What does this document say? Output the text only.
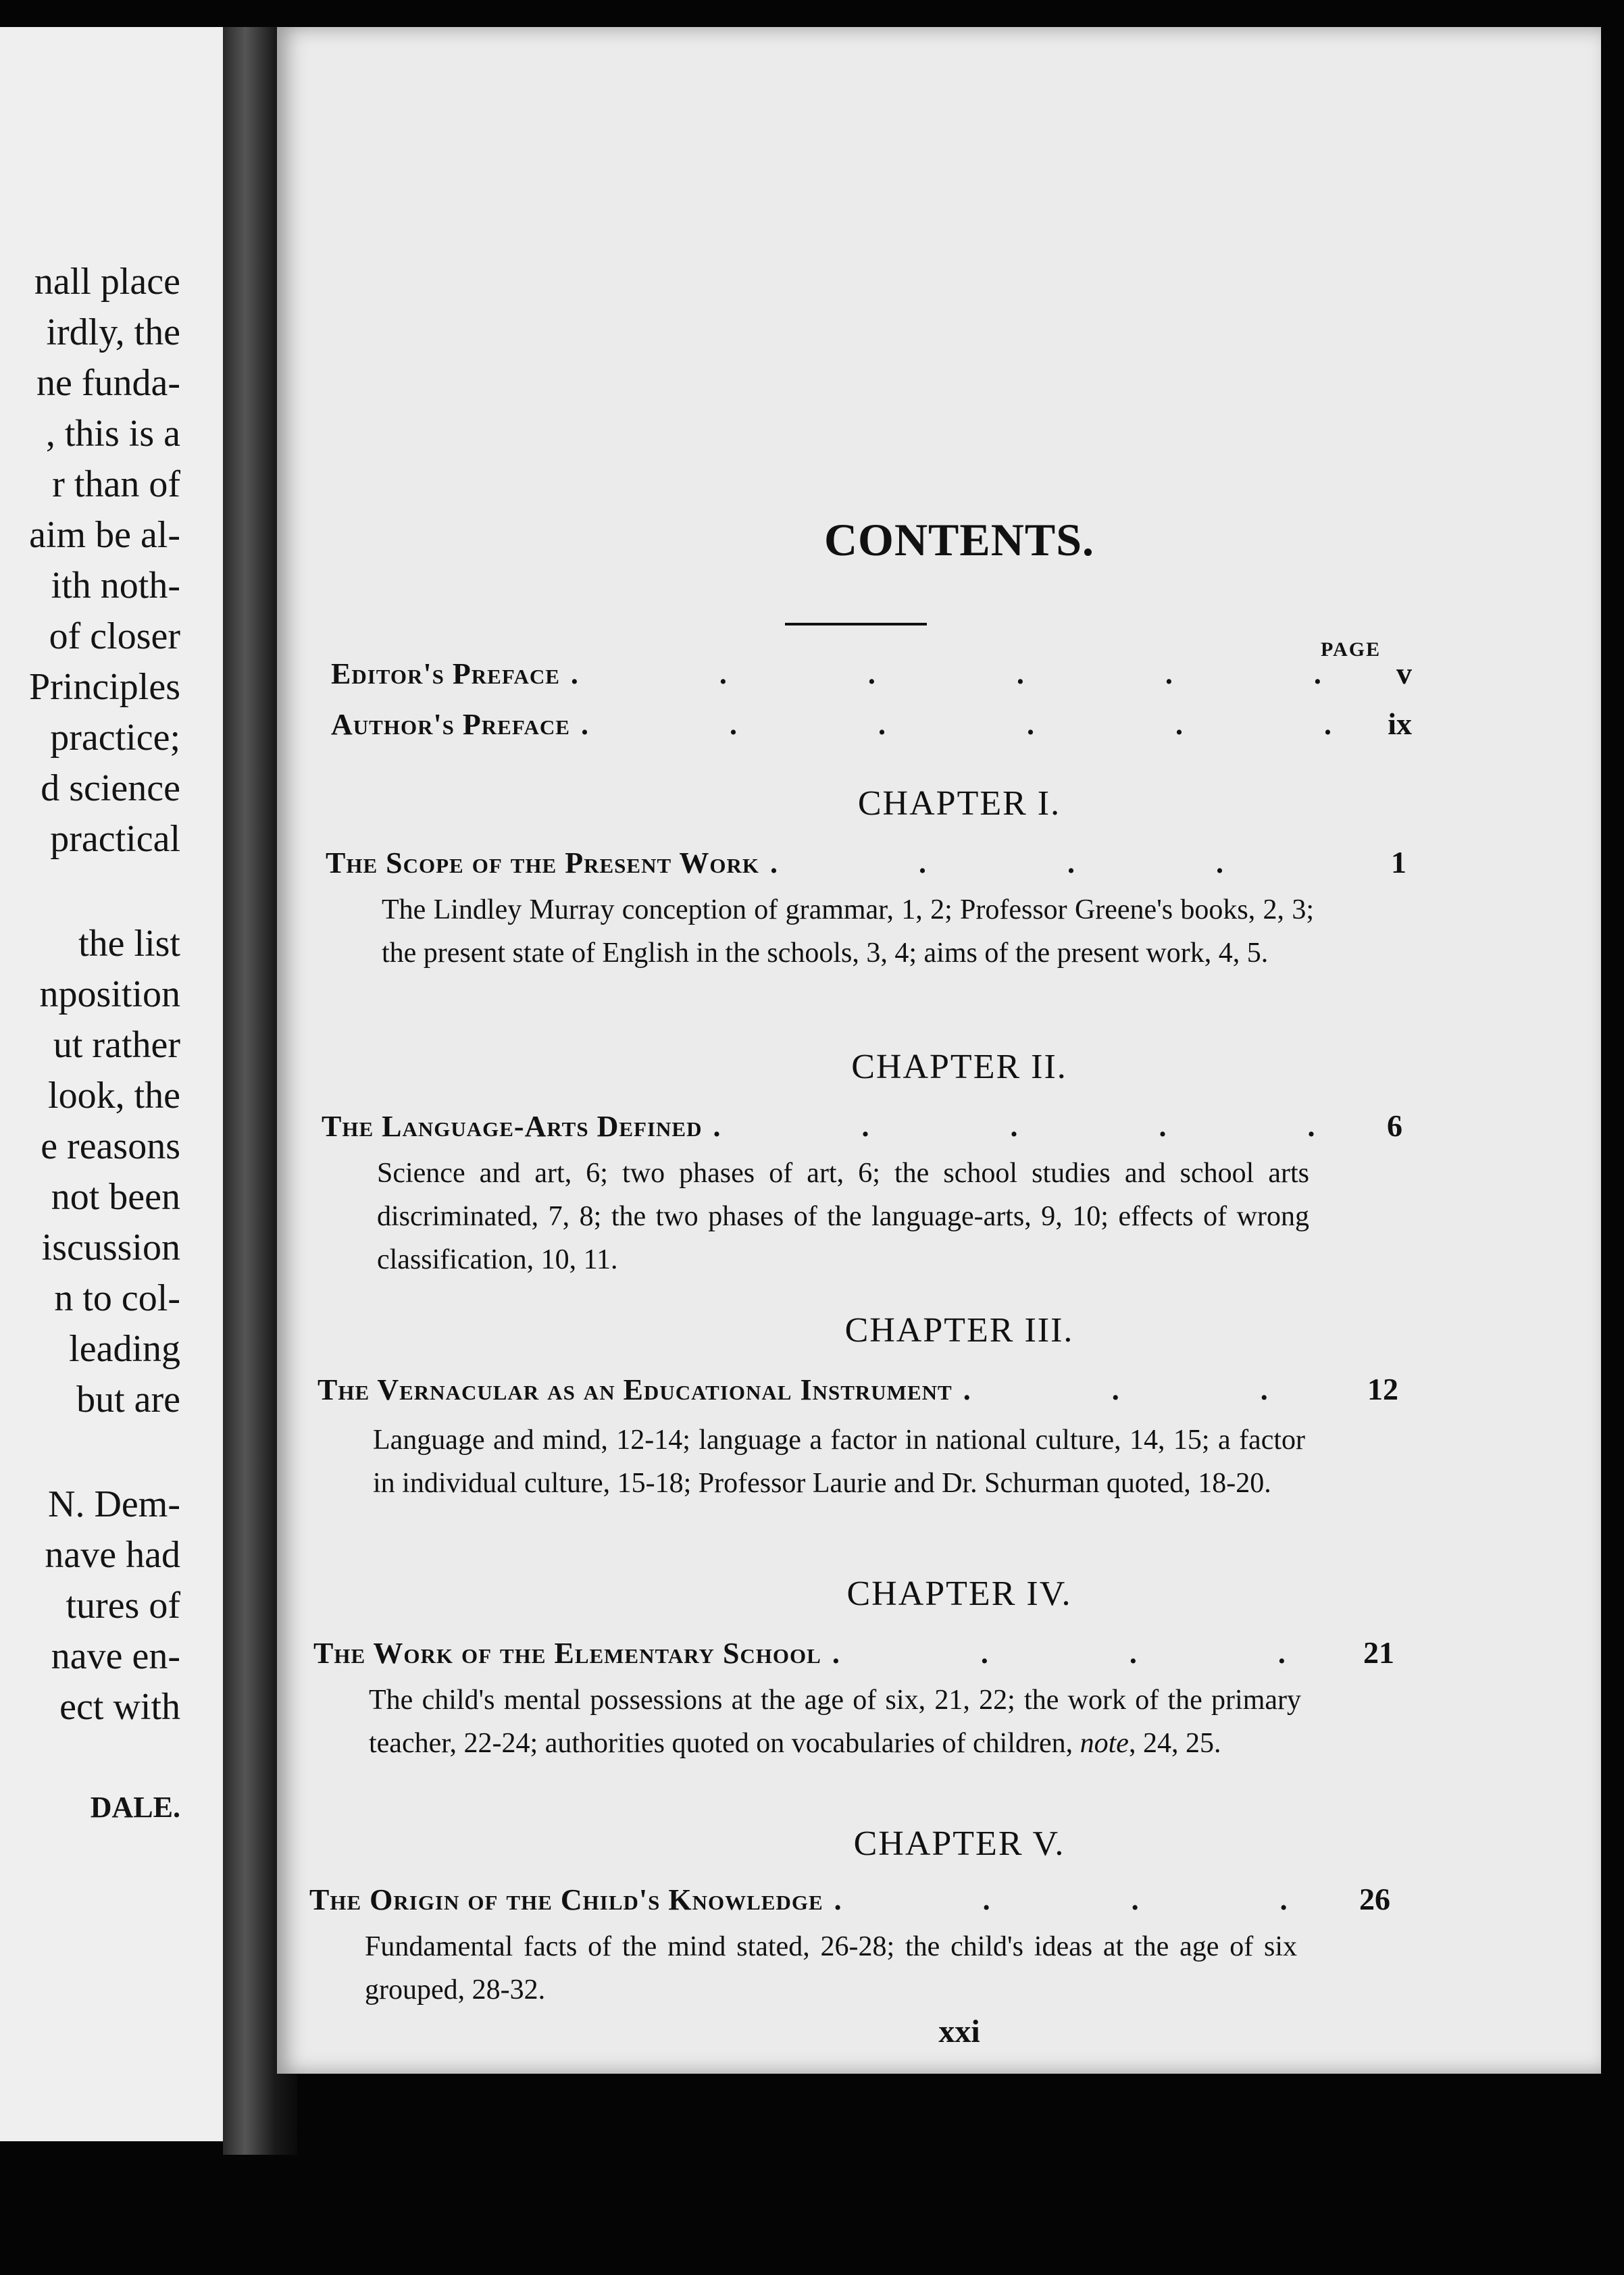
nall place
irdly, the
ne funda-
, this is a
r than of
aim be al-
ith noth-
of closer
Principles
practice;
d science
practical
the list
nposition
ut rather
look, the
e reasons
not been
iscussion
n to col-
leading
but are
N. Dem-
nave had
tures of
nave en-
ect with
DALE.
CONTENTS.
PAGE
Editor's Preface .	v
Author's Preface .	ix
CHAPTER I.
The Scope of the Present Work .	1
The Lindley Murray conception of grammar, 1, 2; Professor Greene's books, 2, 3; the present state of English in the schools, 3, 4; aims of the present work, 4, 5.
CHAPTER II.
The Language-Arts Defined .	6
Science and art, 6; two phases of art, 6; the school studies and school arts discriminated, 7, 8; the two phases of the language-arts, 9, 10; effects of wrong classification, 10, 11.
CHAPTER III.
The Vernacular as an Educational Instrument .	12
Language and mind, 12-14; language a factor in national culture, 14, 15; a factor in individual culture, 15-18; Professor Laurie and Dr. Schurman quoted, 18-20.
CHAPTER IV.
The Work of the Elementary School .	21
The child's mental possessions at the age of six, 21, 22; the work of the primary teacher, 22-24; authorities quoted on vocabularies of children, note, 24, 25.
CHAPTER V.
The Origin of the Child's Knowledge .	26
Fundamental facts of the mind stated, 26-28; the child's ideas at the age of six grouped, 28-32.
xxi
